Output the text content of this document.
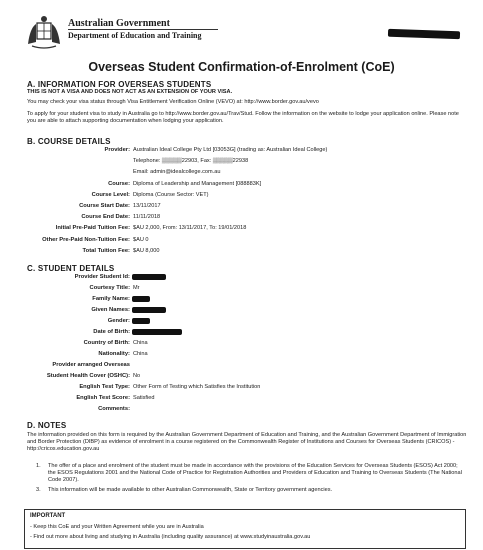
Australian Government
Department of Education and Training
Overseas Student Confirmation-of-Enrolment (CoE)
A. INFORMATION FOR OVERSEAS STUDENTS
THIS IS NOT A VISA AND DOES NOT ACT AS AN EXTENSION OF YOUR VISA.
You may check your visa status through Visa Entitlement Verification Online (VEVO) at: http://www.border.gov.au/vevo
To apply for your student visa to study in Australia go to http://www.border.gov.au/Trav/Stud. Follow the information on the website to lodge your application online. Please note you are able to attach supporting documentation when lodging your application.
B. COURSE DETAILS
Provider: Australian Ideal College Pty Ltd [03053G] (trading as: Australian Ideal College)
Telephone: ▒▒▒▒▒22903, Fax: ▒▒▒▒▒22938
Email: admin@idealcollege.com.au
Course: Diploma of Leadership and Management [088883K]
Course Level: Diploma (Course Sector: VET)
Course Start Date: 13/11/2017
Course End Date: 11/11/2018
Initial Pre-Paid Tuition Fee: $AU 2,000, From: 13/11/2017, To: 19/01/2018
Other Pre-Paid Non-Tuition Fee: $AU 0
Total Tuition Fee: $AU 8,000
C. STUDENT DETAILS
Provider Student Id:
Courtesy Title: Mr
Family Name:
Given Names:
Gender:
Date of Birth:
Country of Birth: China
Nationality: China
Provider arranged Overseas
Student Health Cover (OSHC): No
English Test Type: Other Form of Testing which Satisfies the Institution
English Test Score: Satisfied
Comments:
D. NOTES
The information provided on this form is required by the Australian Government Department of Education and Training, and the Australian Government Department of Immigration and Border Protection (DIBP) as evidence of enrolment in a course registered on the Commonwealth Register of Institutions and Courses for Overseas Students (CRICOS) - http://cricos.education.gov.au
1. The offer of a place and enrolment of the student must be made in accordance with the provisions of the Education Services for Overseas Students (ESOS) Act 2000; the ESOS Regulations 2001 and the National Code of Practice for Registration Authorities and Providers of Education and Training to Overseas Students (The National Code 2007).
3. This information will be made available to other Australian Commonwealth, State or Territory government agencies.
IMPORTANT
- Keep this CoE and your Written Agreement while you are in Australia
- Find out more about living and studying in Australia (including quality assurance) at www.studyinaustralia.gov.au
